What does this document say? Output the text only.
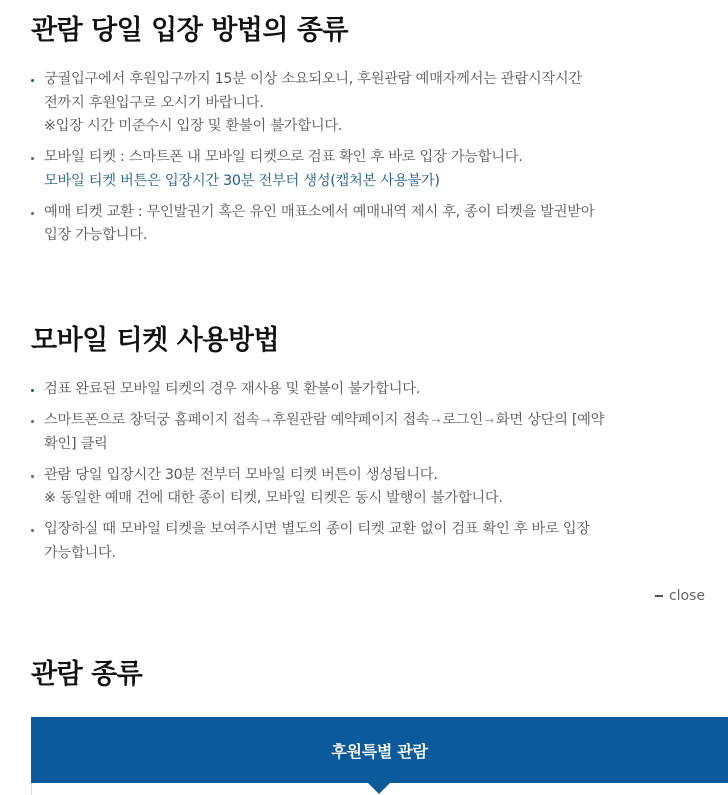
관람 당일 입장 방법의 종류
궁궐입구에서 후원입구까지 15분 이상 소요되오니, 후원관람 예매자께서는 관람시작시간
전까지 후원입구로 오시기 바랍니다.
※입장 시간 미준수시 입장 및 환불이 불가합니다.
모바일 티켓 : 스마트폰 내 모바일 티켓으로 검표 확인 후 바로 입장 가능합니다.
모바일 티켓 버튼은 입장시간 30분 전부터 생성(캡처본 사용불가)
예매 티켓 교환 : 무인발권기 혹은 유인 매표소에서 예매내역 제시 후, 종이 티켓을 발권받아
입장 가능합니다.
모바일 티켓 사용방법
검표 완료된 모바일 티켓의 경우 재사용 및 환불이 불가합니다.
스마트폰으로 창덕궁 홈페이지 접속 → 후원관람 예약페이지 접속 → 로그인 → 화면 상단의 [예약
확인] 클릭
관람 당일 입장시간 30분 전부터 모바일 티켓 버튼이 생성됩니다.
※ 동일한 예매 건에 대한 종이 티켓, 모바일 티켓은 동시 발행이 불가합니다.
입장하실 때 모바일 티켓을 보여주시면 별도의 종이 티켓 교환 없이 검표 확인 후 바로 입장
가능합니다.
close
관람 종류
후원특별 관람
